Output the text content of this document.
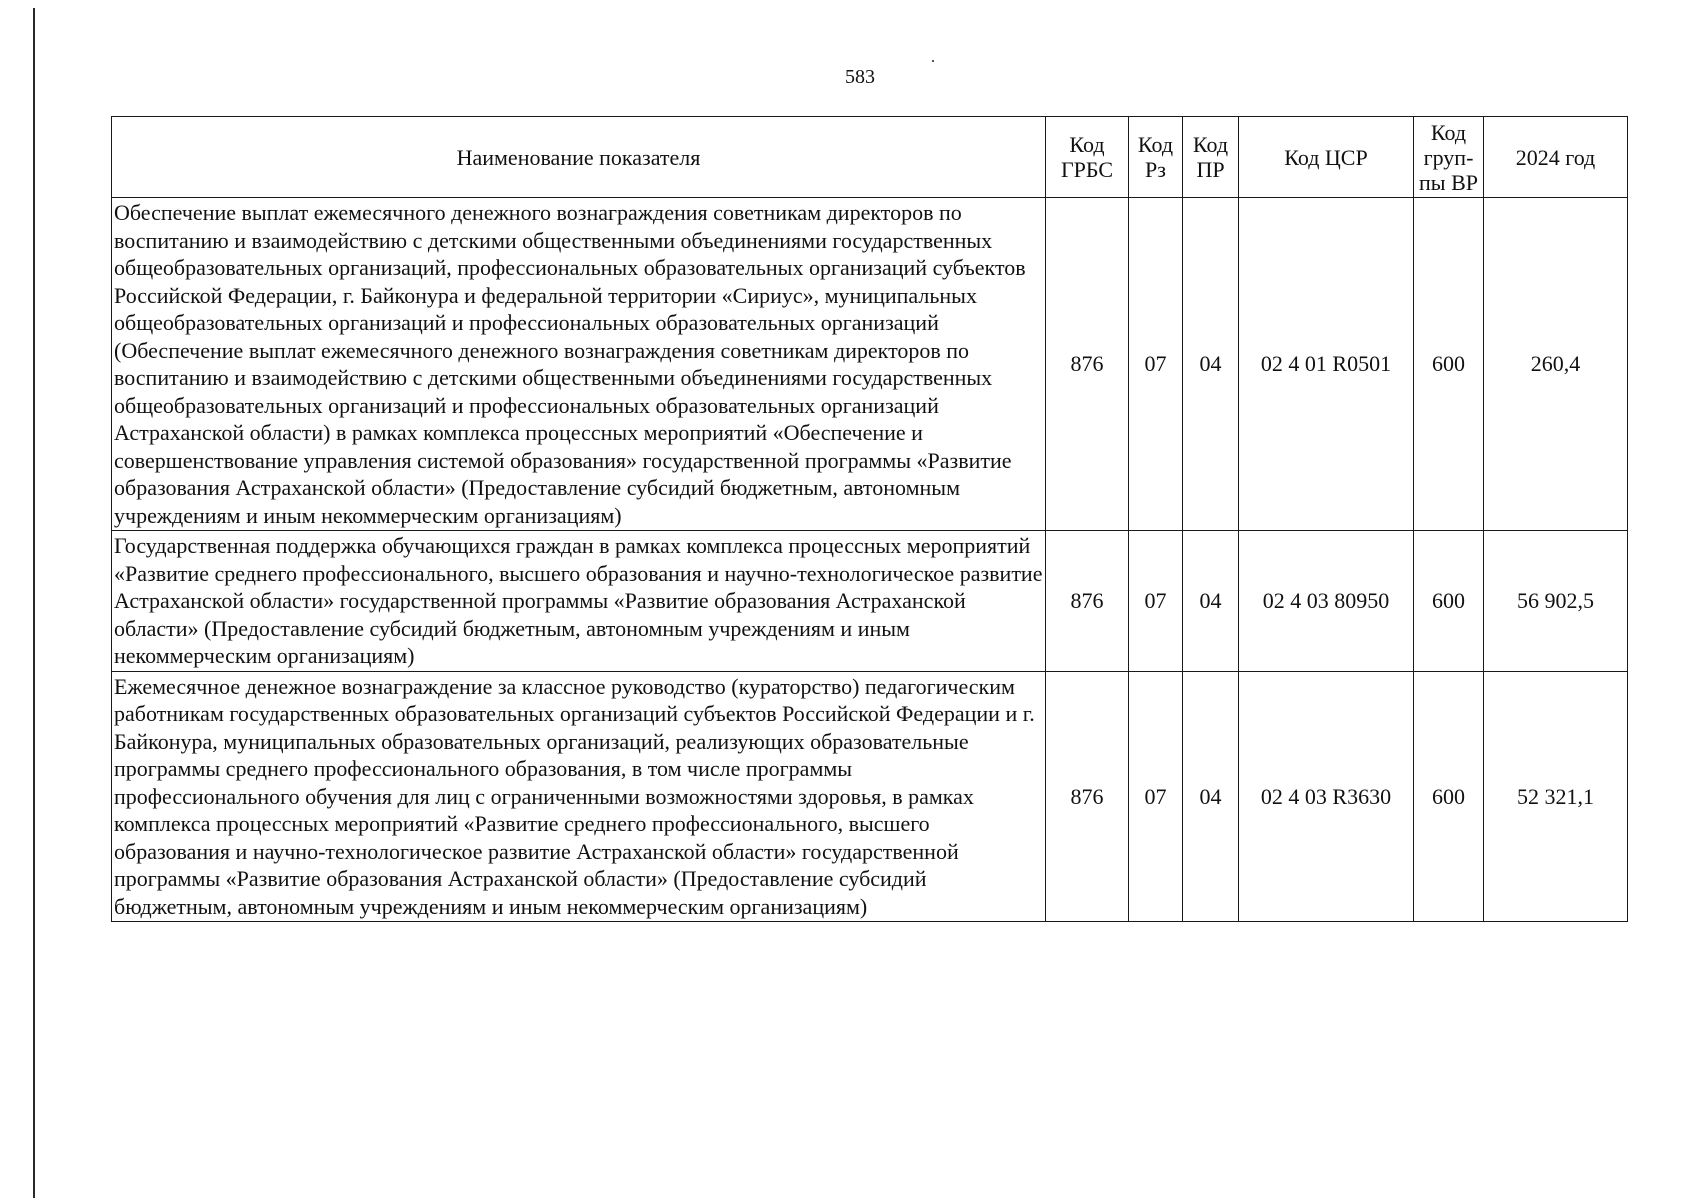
583
Наименование показателя	Код ГРБС	Код Рз	Код ПР	Код ЦСР	Код груп-пы ВР	2024 год
Обеспечение выплат ежемесячного денежного вознаграждения советникам директоров по воспитанию и взаимодействию с детскими общественными объединениями государственных общеобразовательных организаций, профессиональных образовательных организаций субъектов Российской Федерации, г. Байконура и федеральной территории «Сириус», муниципальных общеобразовательных организаций и профессиональных образовательных организаций (Обеспечение выплат ежемесячного денежного вознаграждения советникам директоров по воспитанию и взаимодействию с детскими общественными объединениями государственных общеобразовательных организаций и профессиональных образовательных организаций Астраханской области) в рамках комплекса процессных мероприятий «Обеспечение и совершенствование управления системой образования» государственной программы «Развитие образования Астраханской области» (Предоставление субсидий бюджетным, автономным учреждениям и иным некоммерческим организациям)	876	07	04	02 4 01 R0501	600	260,4
Государственная поддержка обучающихся граждан в рамках комплекса процессных мероприятий «Развитие среднего профессионального, высшего образования и научно-технологическое развитие Астраханской области» государственной программы «Развитие образования Астраханской области» (Предоставление субсидий бюджетным, автономным учреждениям и иным некоммерческим организациям)	876	07	04	02 4 03 80950	600	56 902,5
Ежемесячное денежное вознаграждение за классное руководство (кураторство) педагогическим работникам государственных образовательных организаций субъектов Российской Федерации и г. Байконура, муниципальных образовательных организаций, реализующих образовательные программы среднего профессионального образования, в том числе программы профессионального обучения для лиц с ограниченными возможностями здоровья, в рамках комплекса процессных мероприятий «Развитие среднего профессионального, высшего образования и научно-технологическое развитие Астраханской области» государственной программы «Развитие образования Астраханской области» (Предоставление субсидий бюджетным, автономным учреждениям и иным некоммерческим организациям)	876	07	04	02 4 03 R3630	600	52 321,1
